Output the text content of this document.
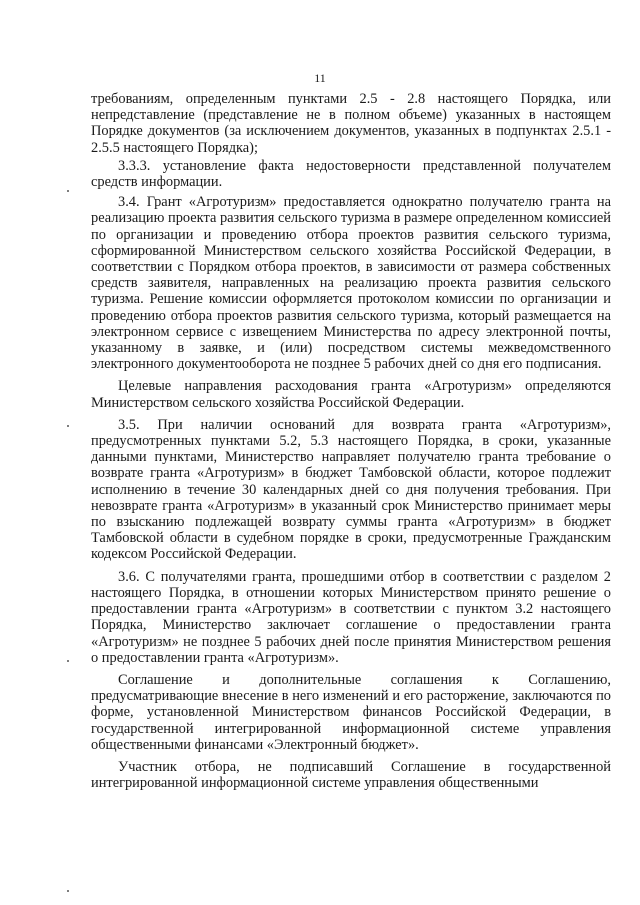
11

требованиям, определенным пунктами 2.5 - 2.8 настоящего Порядка, или непредставление (представление не в полном объеме) указанных в настоящем Порядке документов (за исключением документов, указанных в подпунктах 2.5.1 - 2.5.5 настоящего Порядка);

3.3.3. установление факта недостоверности представленной получателем средств информации.

3.4. Грант «Агротуризм» предоставляется однократно получателю гранта на реализацию проекта развития сельского туризма в размере определенном комиссией по организации и проведению отбора проектов развития сельского туризма, сформированной Министерством сельского хозяйства Российской Федерации, в соответствии с Порядком отбора проектов, в зависимости от размера собственных средств заявителя, направленных на реализацию проекта развития сельского туризма. Решение комиссии оформляется протоколом комиссии по организации и проведению отбора проектов развития сельского туризма, который размещается на электронном сервисе с извещением Министерства по адресу электронной почты, указанному в заявке, и (или) посредством системы межведомственного электронного документооборота не позднее 5 рабочих дней со дня его подписания.

Целевые направления расходования гранта «Агротуризм» определяются Министерством сельского хозяйства Российской Федерации.

3.5. При наличии оснований для возврата гранта «Агротуризм», предусмотренных пунктами 5.2, 5.3 настоящего Порядка, в сроки, указанные данными пунктами, Министерство направляет получателю гранта требование о возврате гранта «Агротуризм» в бюджет Тамбовской области, которое подлежит исполнению в течение 30 календарных дней со дня получения требования. При невозврате гранта «Агротуризм» в указанный срок Министерство принимает меры по взысканию подлежащей возврату суммы гранта «Агротуризм» в бюджет Тамбовской области в судебном порядке в сроки, предусмотренные Гражданским кодексом Российской Федерации.

3.6. С получателями гранта, прошедшими отбор в соответствии с разделом 2 настоящего Порядка, в отношении которых Министерством принято решение о предоставлении гранта «Агротуризм» в соответствии с пунктом 3.2 настоящего Порядка, Министерство заключает соглашение о предоставлении гранта «Агротуризм» не позднее 5 рабочих дней после принятия Министерством решения о предоставлении гранта «Агротуризм».

Соглашение и дополнительные соглашения к Соглашению, предусматривающие внесение в него изменений и его расторжение, заключаются по форме, установленной Министерством финансов Российской Федерации, в государственной интегрированной информационной системе управления общественными финансами «Электронный бюджет».

Участник отбора, не подписавший Соглашение в государственной интегрированной информационной системе управления общественными
